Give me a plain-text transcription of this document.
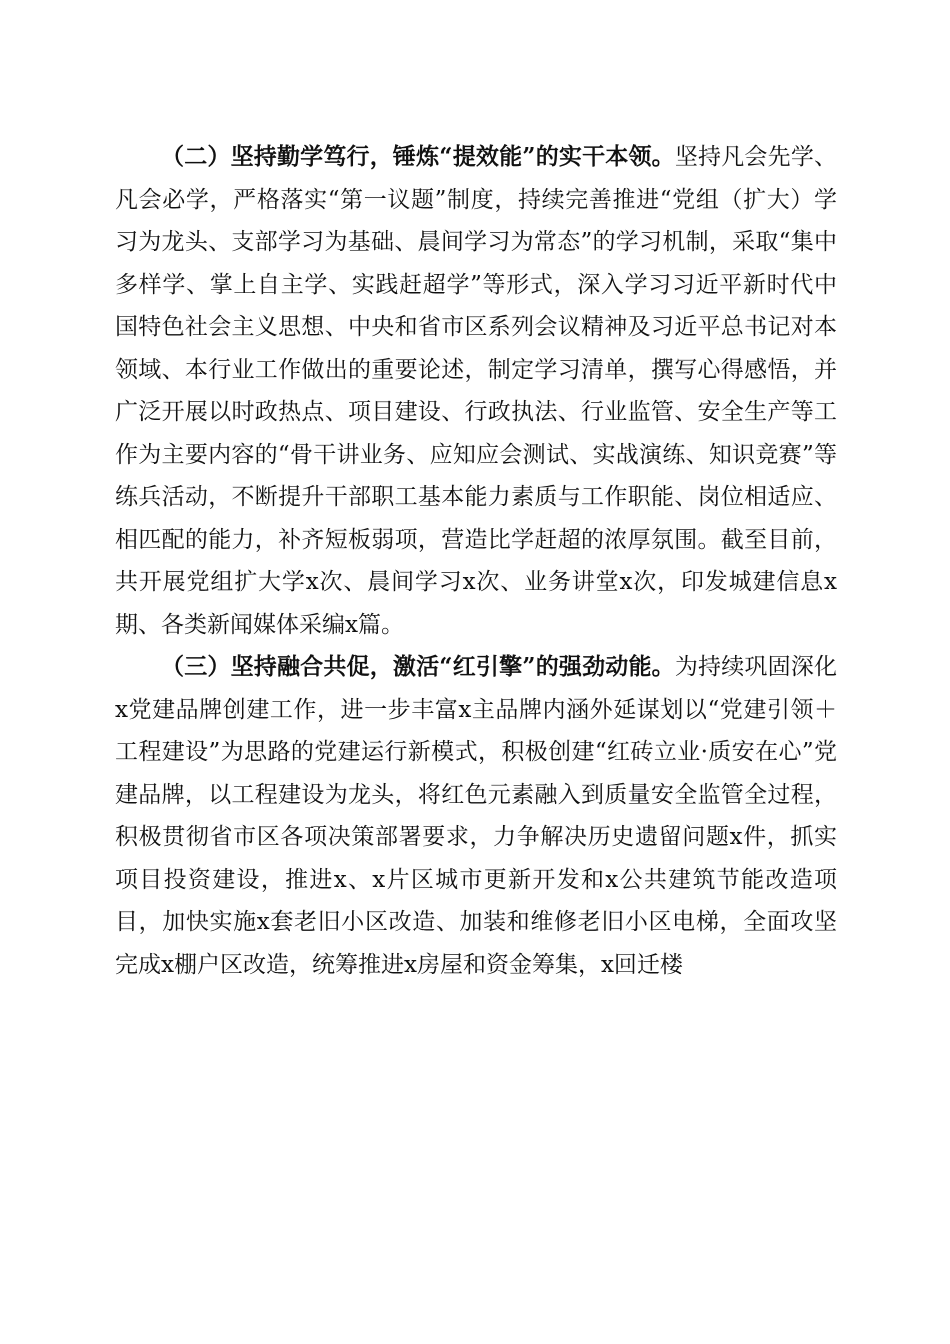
（二）坚持勤学笃行，锤炼“提效能”的实干本领。坚持凡会先学、凡会必学，严格落实“第一议题”制度，持续完善推进“党组（扩大）学习为龙头、支部学习为基础、晨间学习为常态”的学习机制，采取“集中多样学、掌上自主学、实践赶超学”等形式，深入学习习近平新时代中国特色社会主义思想、中央和省市区系列会议精神及习近平总书记对本领域、本行业工作做出的重要论述，制定学习清单，撰写心得感悟，并广泛开展以时政热点、项目建设、行政执法、行业监管、安全生产等工作为主要内容的“骨干讲业务、应知应会测试、实战演练、知识竞赛”等练兵活动，不断提升干部职工基本能力素质与工作职能、岗位相适应、相匹配的能力，补齐短板弱项，营造比学赶超的浓厚氛围。截至目前，共开展党组扩大学x次、晨间学习x次、业务讲堂x次，印发城建信息x期、各类新闻媒体采编x篇。

（三）坚持融合共促，激活“红引擎”的强劲动能。为持续巩固深化x党建品牌创建工作，进一步丰富x主品牌内涵外延谋划以“党建引领＋工程建设”为思路的党建运行新模式，积极创建“红砖立业·质安在心”党建品牌，以工程建设为龙头，将红色元素融入到质量安全监管全过程，积极贯彻省市区各项决策部署要求，力争解决历史遗留问题x件，抓实项目投资建设，推进x、x片区城市更新开发和x公共建筑节能改造项目，加快实施x套老旧小区改造、加装和维修老旧小区电梯，全面攻坚完成x棚户区改造，统筹推进x房屋和资金筹集，x回迁楼
